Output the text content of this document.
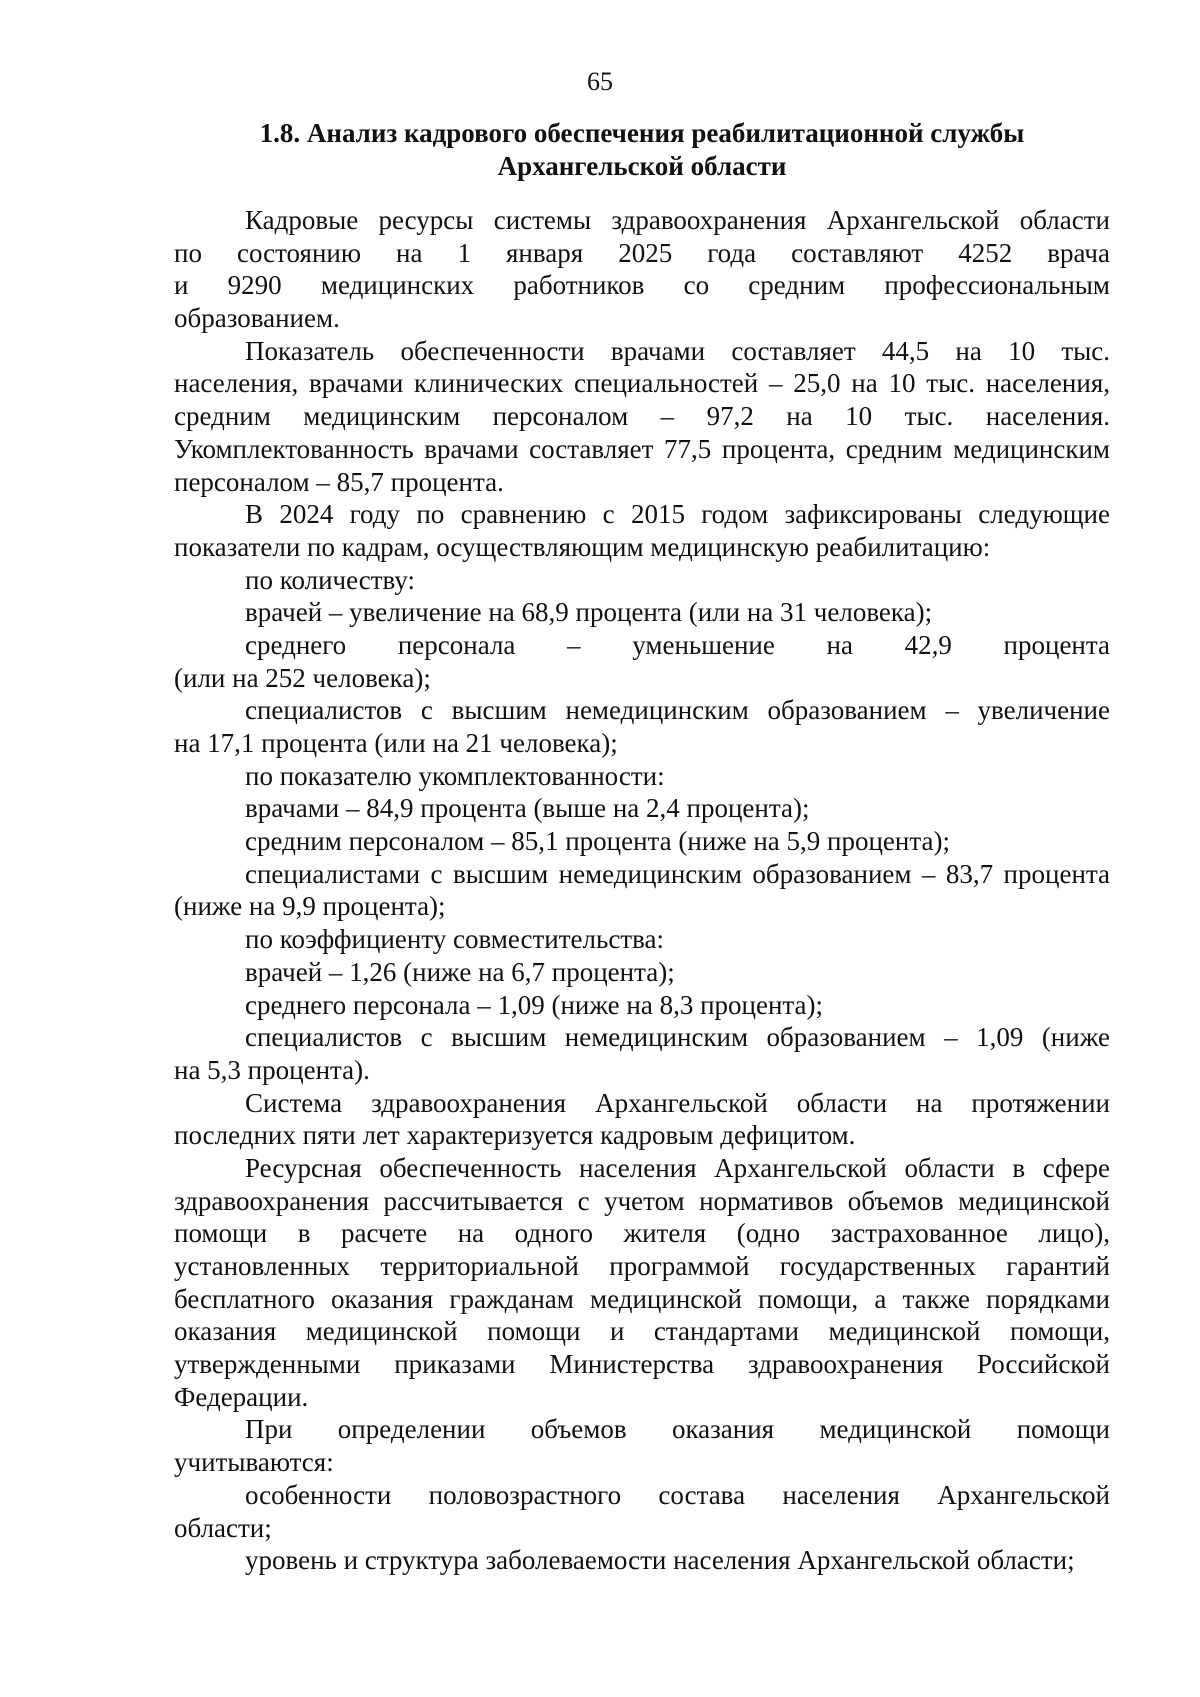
65
1.8. Анализ кадрового обеспечения реабилитационной службы
Архангельской области
Кадровые ресурсы системы здравоохранения Архангельской области
по состоянию на 1 января 2025 года составляют 4252 врача
и 9290 медицинских работников со средним профессиональным
образованием.
Показатель обеспеченности врачами составляет 44,5 на 10 тыс.
населения, врачами клинических специальностей – 25,0 на 10 тыс. населения,
средним медицинским персоналом – 97,2 на 10 тыс. населения.
Укомплектованность врачами составляет 77,5 процента, средним медицинским
персоналом – 85,7 процента.
В 2024 году по сравнению с 2015 годом зафиксированы следующие
показатели по кадрам, осуществляющим медицинскую реабилитацию:
по количеству:
врачей – увеличение на 68,9 процента (или на 31 человека);
среднего персонала – уменьшение на 42,9 процента
(или на 252 человека);
специалистов с высшим немедицинским образованием – увеличение
на 17,1 процента (или на 21 человека);
по показателю укомплектованности:
врачами – 84,9 процента (выше на 2,4 процента);
средним персоналом – 85,1 процента (ниже на 5,9 процента);
специалистами с высшим немедицинским образованием – 83,7 процента
(ниже на 9,9 процента);
по коэффициенту совместительства:
врачей – 1,26 (ниже на 6,7 процента);
среднего персонала – 1,09 (ниже на 8,3 процента);
специалистов с высшим немедицинским образованием – 1,09 (ниже
на 5,3 процента).
Система здравоохранения Архангельской области на протяжении
последних пяти лет характеризуется кадровым дефицитом.
Ресурсная обеспеченность населения Архангельской области в сфере
здравоохранения рассчитывается с учетом нормативов объемов медицинской
помощи в расчете на одного жителя (одно застрахованное лицо),
установленных территориальной программой государственных гарантий
бесплатного оказания гражданам медицинской помощи, а также порядками
оказания медицинской помощи и стандартами медицинской помощи,
утвержденными приказами Министерства здравоохранения Российской
Федерации.
При определении объемов оказания медицинской помощи
учитываются:
особенности половозрастного состава населения Архангельской
области;
уровень и структура заболеваемости населения Архангельской области;
